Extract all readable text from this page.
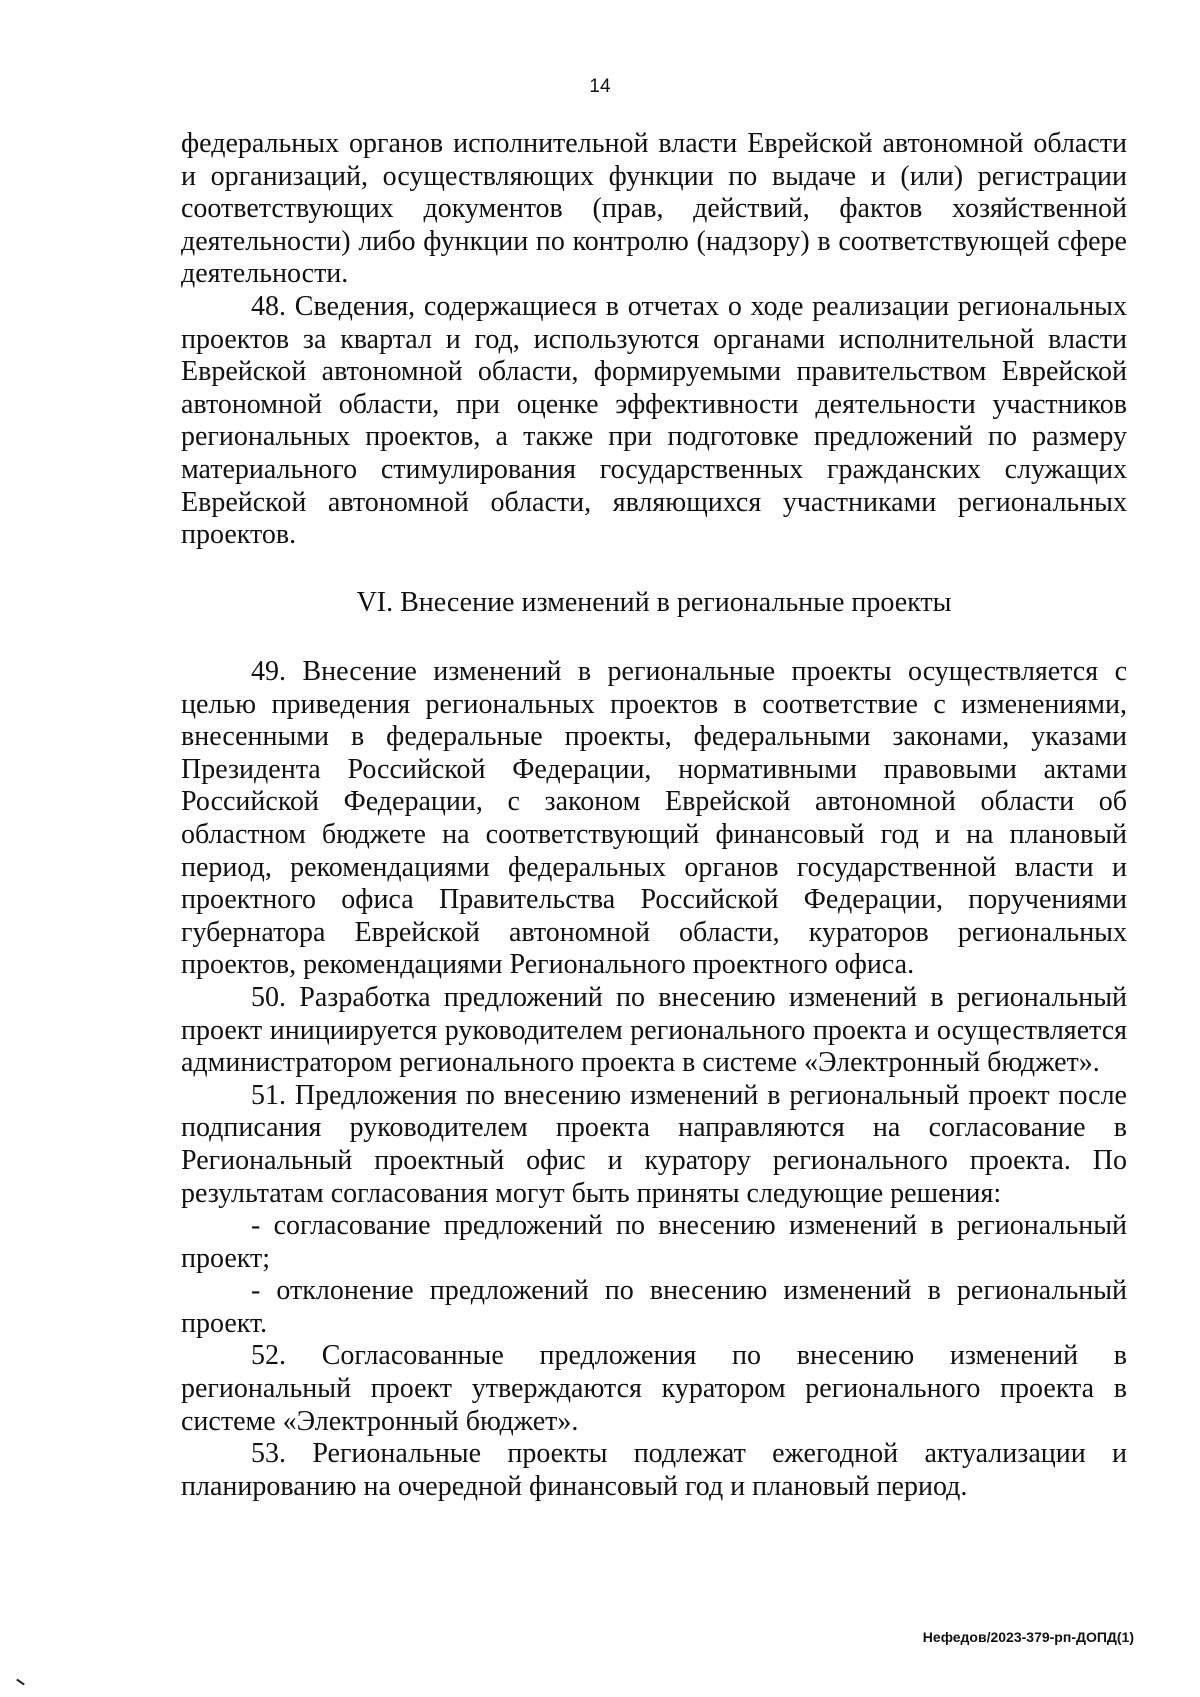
14

федеральных органов исполнительной власти Еврейской автономной области и организаций, осуществляющих функции по выдаче и (или) регистрации соответствующих документов (прав, действий, фактов хозяйственной деятельности) либо функции по контролю (надзору) в соответствующей сфере деятельности.

48. Сведения, содержащиеся в отчетах о ходе реализации региональных проектов за квартал и год, используются органами исполнительной власти Еврейской автономной области, формируемыми правительством Еврейской автономной области, при оценке эффективности деятельности участников региональных проектов, а также при подготовке предложений по размеру материального стимулирования государственных гражданских служащих Еврейской автономной области, являющихся участниками региональных проектов.

VI. Внесение изменений в региональные проекты

49. Внесение изменений в региональные проекты осуществляется с целью приведения региональных проектов в соответствие с изменениями, внесенными в федеральные проекты, федеральными законами, указами Президента Российской Федерации, нормативными правовыми актами Российской Федерации, с законом Еврейской автономной области об областном бюджете на соответствующий финансовый год и на плановый период, рекомендациями федеральных органов государственной власти и проектного офиса Правительства Российской Федерации, поручениями губернатора Еврейской автономной области, кураторов региональных проектов, рекомендациями Регионального проектного офиса.

50. Разработка предложений по внесению изменений в региональный проект инициируется руководителем регионального проекта и осуществляется администратором регионального проекта в системе «Электронный бюджет».

51. Предложения по внесению изменений в региональный проект после подписания руководителем проекта направляются на согласование в Региональный проектный офис и куратору регионального проекта. По результатам согласования могут быть приняты следующие решения:

- согласование предложений по внесению изменений в региональный проект;

- отклонение предложений по внесению изменений в региональный проект.

52. Согласованные предложения по внесению изменений в региональный проект утверждаются куратором регионального проекта в системе «Электронный бюджет».

53. Региональные проекты подлежат ежегодной актуализации и планированию на очередной финансовый год и плановый период.

Нефедов/2023-379-рп-ДОПД(1)
